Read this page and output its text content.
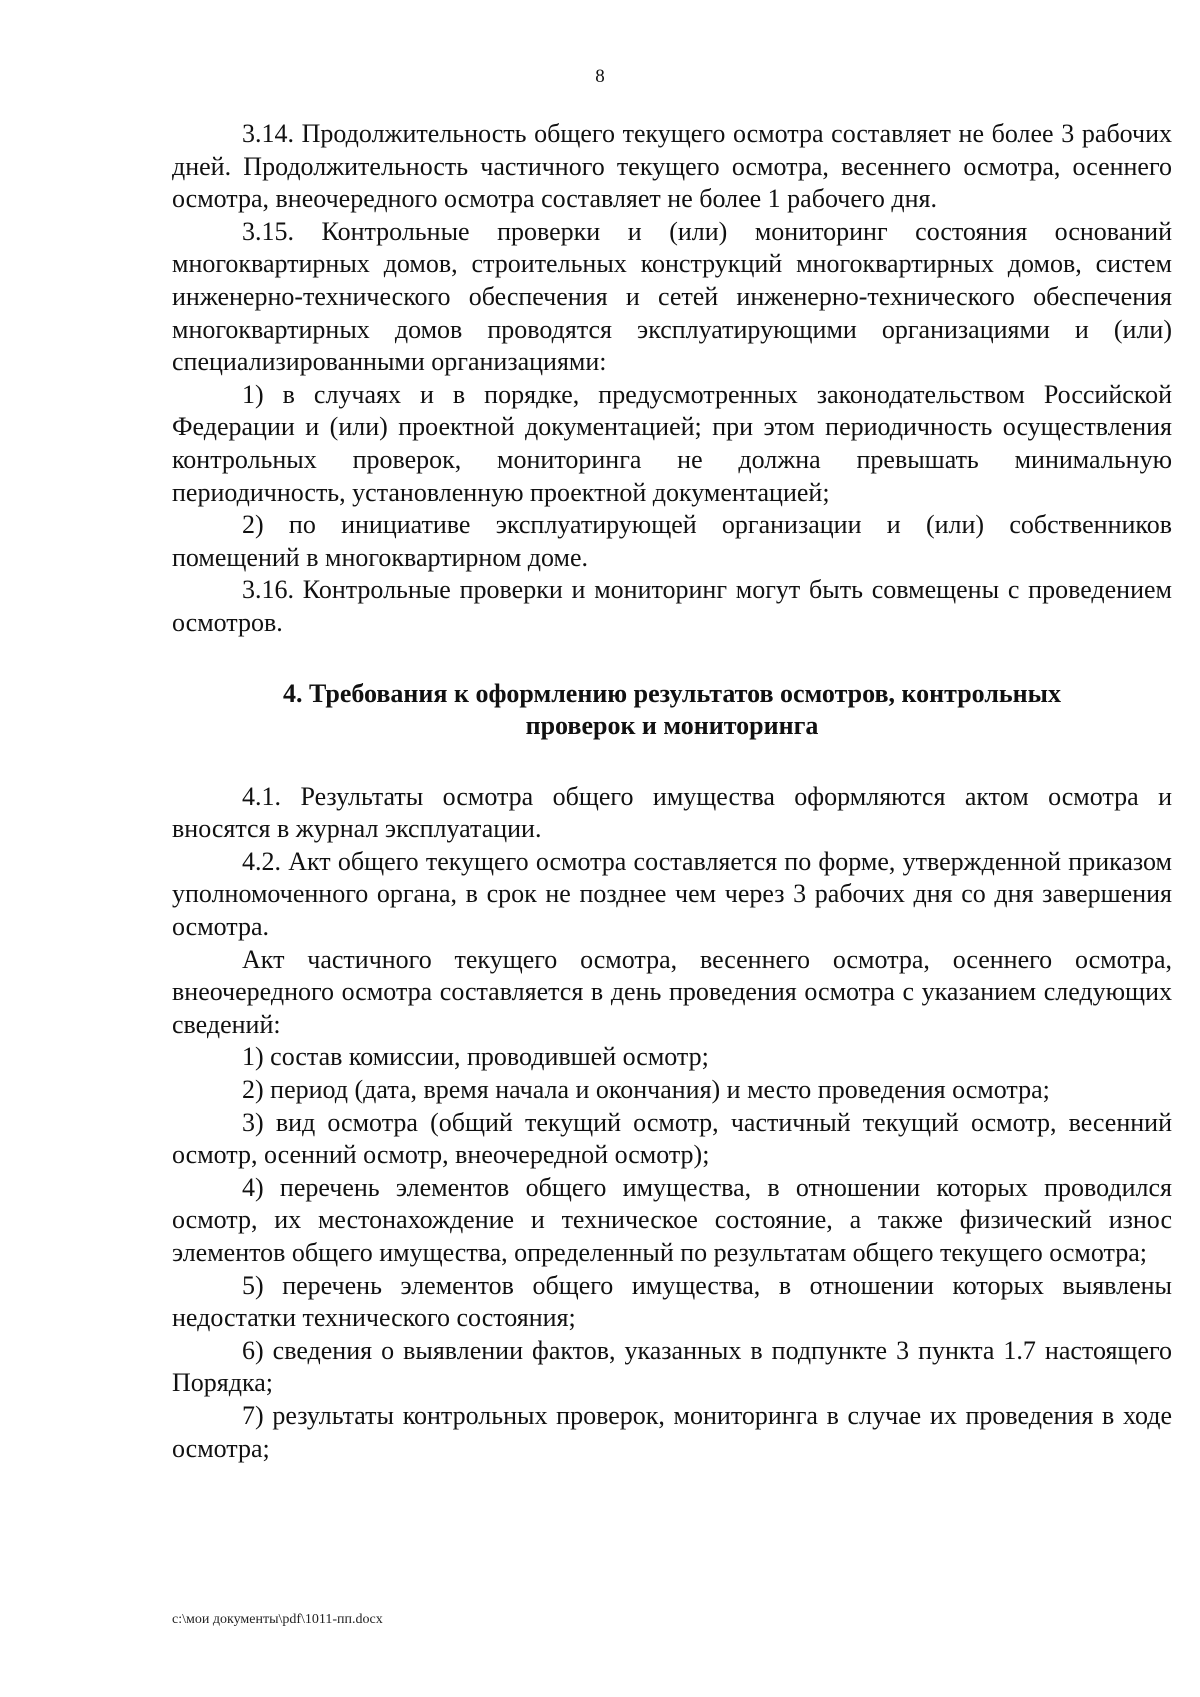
8

3.14. Продолжительность общего текущего осмотра составляет не более 3 рабочих дней. Продолжительность частичного текущего осмотра, весеннего осмотра, осеннего осмотра, внеочередного осмотра составляет не более 1 рабочего дня.

3.15. Контрольные проверки и (или) мониторинг состояния оснований многоквартирных домов, строительных конструкций многоквартирных домов, систем инженерно-технического обеспечения и сетей инженерно-технического обеспечения многоквартирных домов проводятся эксплуатирующими организациями и (или) специализированными организациями:

1) в случаях и в порядке, предусмотренных законодательством Российской Федерации и (или) проектной документацией; при этом периодичность осуществления контрольных проверок, мониторинга не должна превышать минимальную периодичность, установленную проектной документацией;

2) по инициативе эксплуатирующей организации и (или) собственников помещений в многоквартирном доме.

3.16. Контрольные проверки и мониторинг могут быть совмещены с проведением осмотров.

4. Требования к оформлению результатов осмотров, контрольных
проверок и мониторинга

4.1. Результаты осмотра общего имущества оформляются актом осмотра и вносятся в журнал эксплуатации.

4.2. Акт общего текущего осмотра составляется по форме, утвержденной приказом уполномоченного органа, в срок не позднее чем через 3 рабочих дня со дня завершения осмотра.

Акт частичного текущего осмотра, весеннего осмотра, осеннего осмотра, внеочередного осмотра составляется в день проведения осмотра с указанием следующих сведений:

1) состав комиссии, проводившей осмотр;

2) период (дата, время начала и окончания) и место проведения осмотра;

3) вид осмотра (общий текущий осмотр, частичный текущий осмотр, весенний осмотр, осенний осмотр, внеочередной осмотр);

4) перечень элементов общего имущества, в отношении которых проводился осмотр, их местонахождение и техническое состояние, а также физический износ элементов общего имущества, определенный по результатам общего текущего осмотра;

5) перечень элементов общего имущества, в отношении которых выявлены недостатки технического состояния;

6) сведения о выявлении фактов, указанных в подпункте 3 пункта 1.7 настоящего Порядка;

7) результаты контрольных проверок, мониторинга в случае их проведения в ходе осмотра;

c:\мои документы\pdf\1011-пп.docx
